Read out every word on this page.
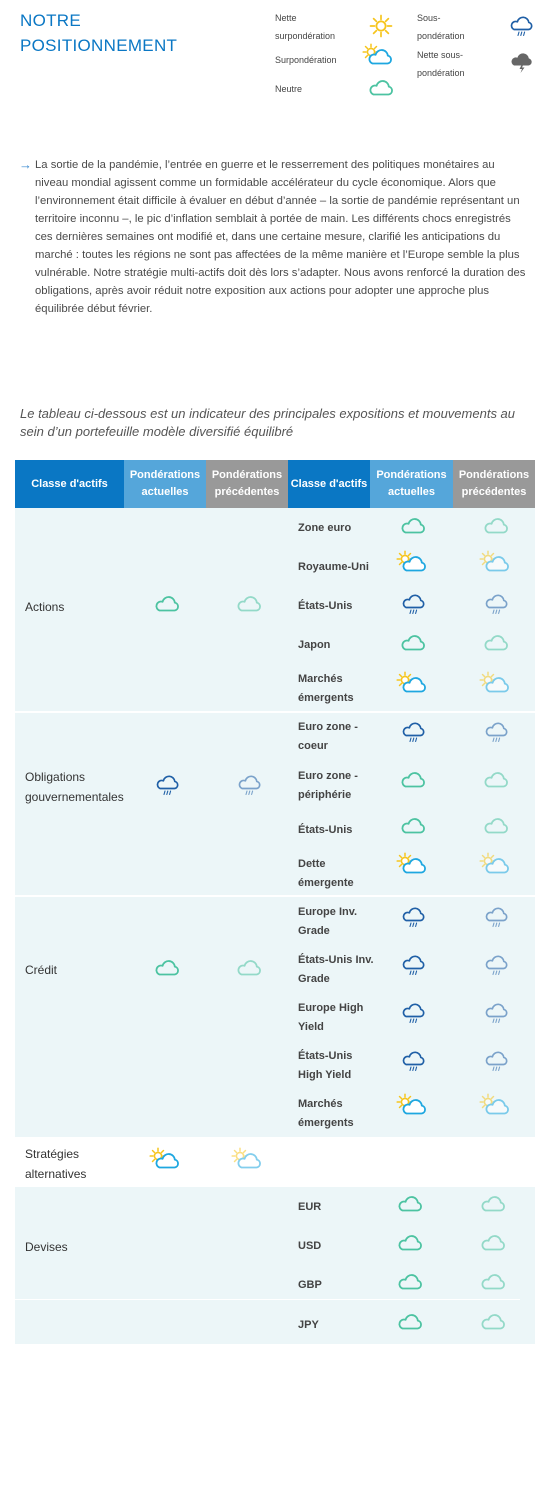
NOTRE POSITIONNEMENT
Nette surpondération
Surpondération
Neutre
Sous-pondération
Nette sous-pondération
→ La sortie de la pandémie, l’entrée en guerre et le resserrement des politiques monétaires au niveau mondial agissent comme un formidable accélérateur du cycle économique. Alors que l’environnement était difficile à évaluer en début d’année – la sortie de pandémie représentant un territoire inconnu –, le pic d’inflation semblait à portée de main. Les différents chocs enregistrés ces dernières semaines ont modifié et, dans une certaine mesure, clarifié les anticipations du marché : toutes les régions ne sont pas affectées de la même manière et l’Europe semble la plus vulnérable. Notre stratégie multi-actifs doit dès lors s’adapter. Nous avons renforcé la duration des obligations, après avoir réduit notre exposition aux actions pour adopter une approche plus équilibrée début février.
Le tableau ci-dessous est un indicateur des principales expositions et mouvements au sein d’un portefeuille modèle diversifié équilibré
Classe d'actifs
Pondérations actuelles
Pondérations précédentes
Classe d'actifs
Pondérations actuelles
Pondérations précédentes
Actions
Obligations gouvernementales
Crédit
Stratégies alternatives
Devises
Zone euro
Royaume-Uni
États-Unis
Japon
Marchés émergents
Euro zone - coeur
Euro zone - périphérie
États-Unis
Dette émergente
Europe Inv. Grade
États-Unis Inv. Grade
Europe High Yield
États-Unis High Yield
Marchés émergents
EUR
USD
GBP
JPY
